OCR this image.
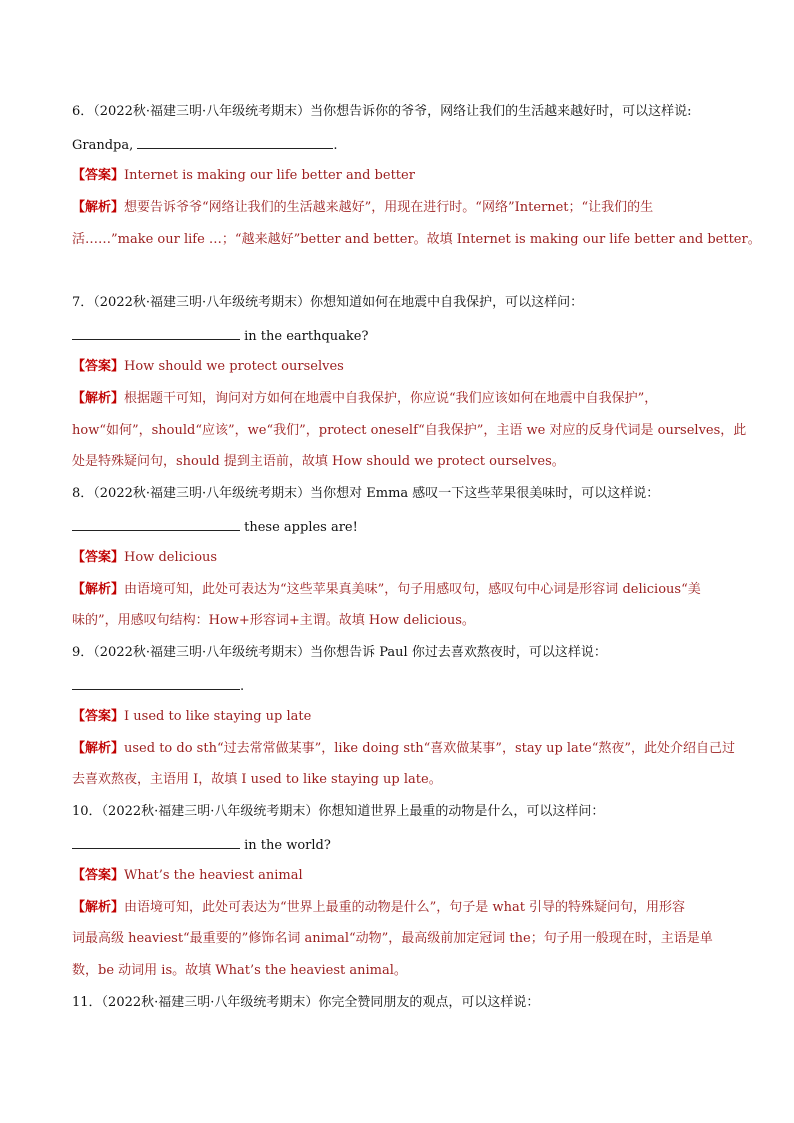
6．（2022秋·福建三明·八年级统考期末）当你想告诉你的爷爷，网络让我们的生活越来越好时，可以这样说:
Grandpa,	.
【答案】Internet is making our life better and better
【解析】想要告诉爷爷“网络让我们的生活越来越好”，用现在进行时。“网络”Internet；“让我们的生
活……”make our life …；“越来越好”better and better。故填 Internet is making our life better and better。
7．（2022秋·福建三明·八年级统考期末）你想知道如何在地震中自我保护，可以这样问：
in the earthquake?
【答案】How should we protect ourselves
【解析】根据题干可知，询问对方如何在地震中自我保护，你应说“我们应该如何在地震中自我保护”，
how“如何”，should“应该”，we“我们”，protect oneself“自我保护”，主语 we 对应的反身代词是 ourselves，此
处是特殊疑问句，should 提到主语前，故填 How should we protect ourselves。
8．（2022秋·福建三明·八年级统考期末）当你想对 Emma 感叹一下这些苹果很美味时，可以这样说：
these apples are!
【答案】How delicious
【解析】由语境可知，此处可表达为“这些苹果真美味”，句子用感叹句，感叹句中心词是形容词 delicious“美
味的”，用感叹句结构：How+形容词+主谓。故填 How delicious。
9．（2022秋·福建三明·八年级统考期末）当你想告诉 Paul 你过去喜欢熬夜时，可以这样说：
.
【答案】I used to like staying up late
【解析】used to do sth“过去常常做某事”，like doing sth“喜欢做某事”，stay up late“熬夜”，此处介绍自己过
去喜欢熬夜，主语用 I，故填 I used to like staying up late。
10．（2022秋·福建三明·八年级统考期末）你想知道世界上最重的动物是什么，可以这样问：
in the world?
【答案】What’s the heaviest animal
【解析】由语境可知，此处可表达为“世界上最重的动物是什么”，句子是 what 引导的特殊疑问句，用形容
词最高级 heaviest“最重要的”修饰名词 animal“动物”，最高级前加定冠词 the；句子用一般现在时，主语是单
数，be 动词用 is。故填 What’s the heaviest animal。
11．（2022秋·福建三明·八年级统考期末）你完全赞同朋友的观点，可以这样说：
